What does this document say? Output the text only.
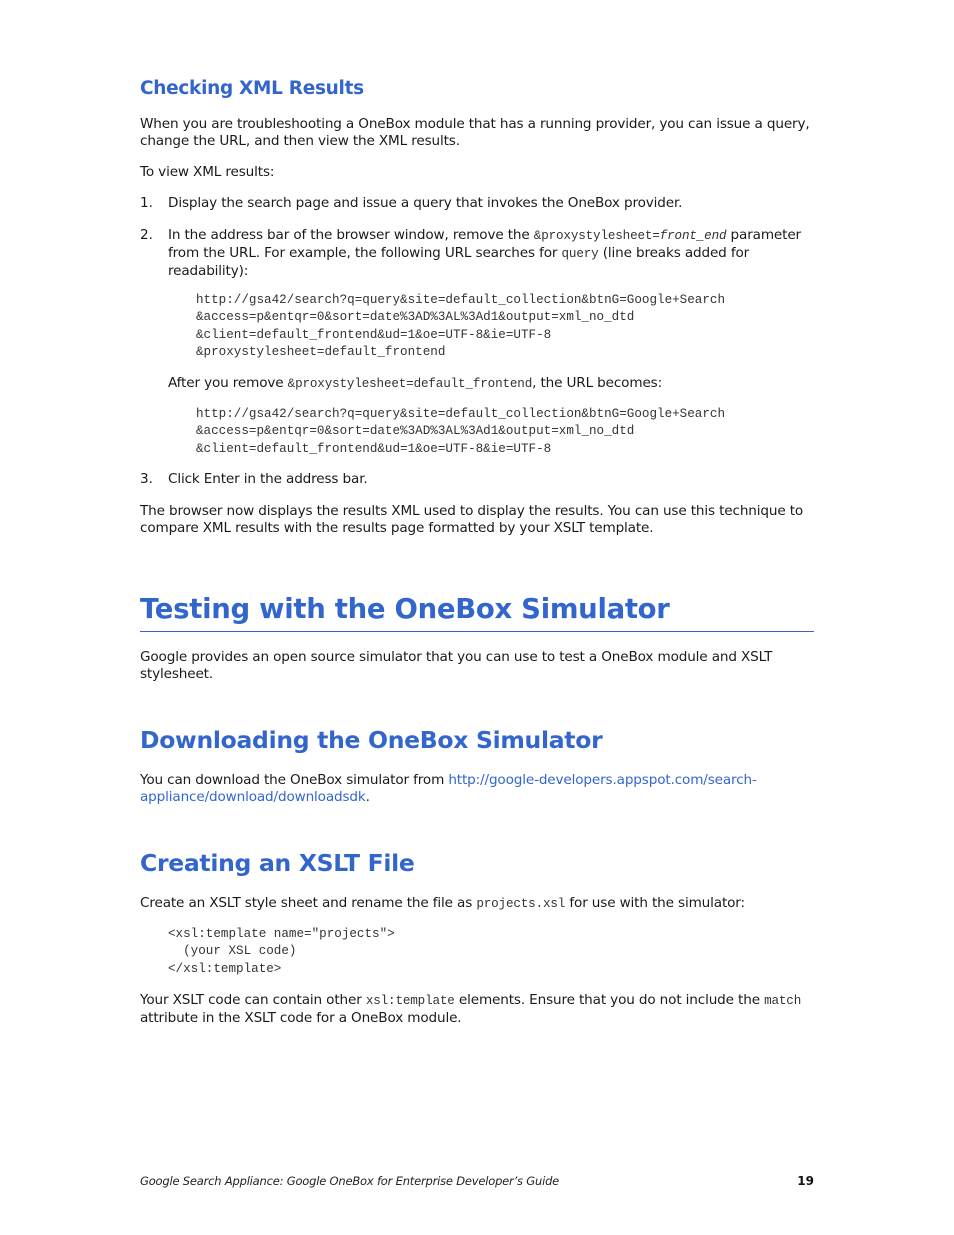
Checking XML Results

When you are troubleshooting a OneBox module that has a running provider, you can issue a query, change the URL, and then view the XML results.

To view XML results:

1. Display the search page and issue a query that invokes the OneBox provider.

2. In the address bar of the browser window, remove the &proxystylesheet=front_end parameter from the URL. For example, the following URL searches for query (line breaks added for readability):

http://gsa42/search?q=query&site=default_collection&btnG=Google+Search
&access=p&entqr=0&sort=date%3AD%3AL%3Ad1&output=xml_no_dtd
&client=default_frontend&ud=1&oe=UTF-8&ie=UTF-8
&proxystylesheet=default_frontend

After you remove &proxystylesheet=default_frontend, the URL becomes:

http://gsa42/search?q=query&site=default_collection&btnG=Google+Search
&access=p&entqr=0&sort=date%3AD%3AL%3Ad1&output=xml_no_dtd
&client=default_frontend&ud=1&oe=UTF-8&ie=UTF-8
3. Click Enter in the address bar.

The browser now displays the results XML used to display the results. You can use this technique to compare XML results with the results page formatted by your XSLT template.

Testing with the OneBox Simulator

Google provides an open source simulator that you can use to test a OneBox module and XSLT stylesheet.

Downloading the OneBox Simulator

You can download the OneBox simulator from http://google-developers.appspot.com/search-
appliance/download/downloadsdk.

Creating an XSLT File

Create an XSLT style sheet and rename the file as projects.xsl for use with the simulator:

<xsl:template name="projects">
(your XSL code)
</xsl:template>

Your XSLT code can contain other xsl:template elements. Ensure that you do not include the match attribute in the XSLT code for a OneBox module.

Google Search Appliance: Google OneBox for Enterprise Developer’s Guide	19
